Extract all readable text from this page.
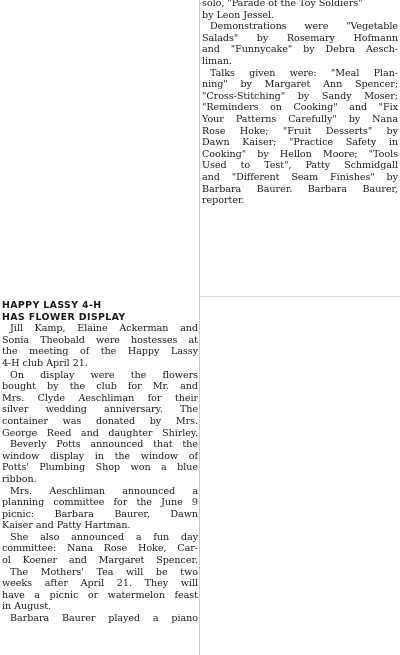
solo, "Parade of the Toy Soldiers"
by Leon Jessel.
Demonstrations were "Vegetable
Salads" by Rosemary Hofmann
and "Funnycake" by Debra Aesch-
liman.
Talks given were: "Meal Plan-
ning" by Margaret Ann Spencer;
"Cross-Stitching" by Sandy Moser;
"Reminders on Cooking" and "Fix
Your Patterns Carefully" by Nana
Rose Hoke; "Fruit Desserts" by
Dawn Kaiser; "Practice Safety in
Cooking" by Hellon Moore; "Tools
Used to Test", Patty Schmidgall
and "Different Seam Finishes" by
Barbara Baurer. Barbara Baurer,
reporter.
HAPPY LASSY 4-H
HAS FLOWER DISPLAY
Jill Kamp, Elaine Ackerman and
Sonia Theobald were hostesses at
the meeting of the Happy Lassy
4-H club April 21.
On display were the flowers
bought by the club for Mr. and
Mrs. Clyde Aeschliman for their
silver wedding anniversary. The
container was donated by Mrs.
George Reed and daughter Shirley.
Beverly Potts announced that the
window display in the window of
Potts' Plumbing Shop won a blue
ribbon.
Mrs. Aeschliman announced a
planning committee for the June 9
picnic: Barbara Baurer, Dawn
Kaiser and Patty Hartman.
She also announced a fun day
committee: Nana Rose Hoke, Car-
ol Koener and Margaret Spencer.
The Mothers' Tea will be two
weeks after April 21. They will
have a picnic or watermelon feast
in August.
Barbara Baurer played a piano
